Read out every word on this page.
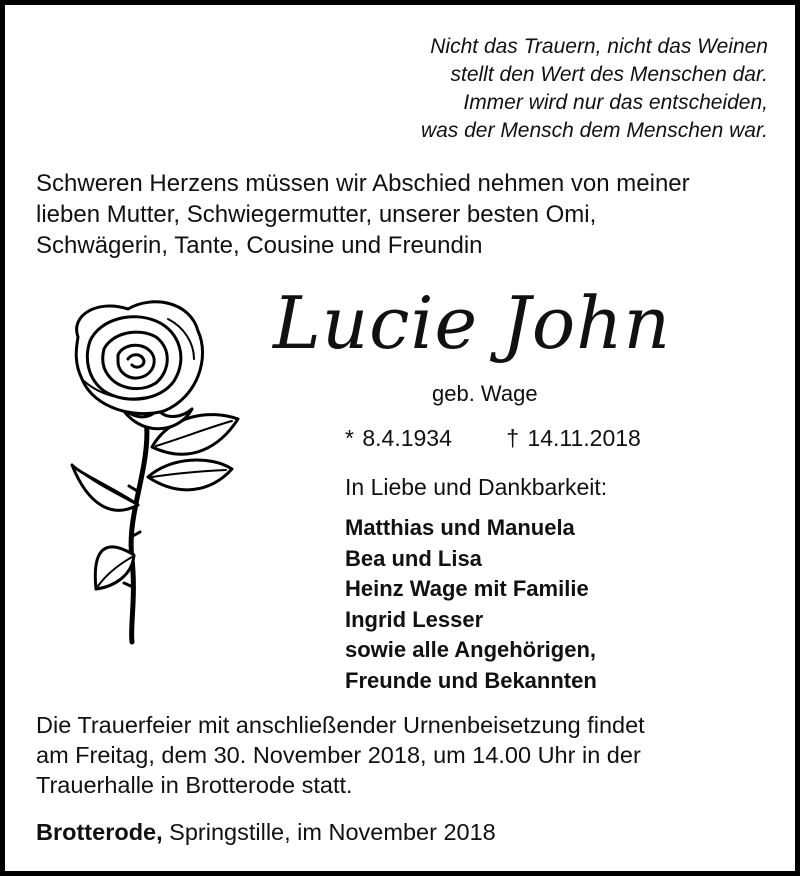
Nicht das Trauern, nicht das Weinen
stellt den Wert des Menschen dar.
Immer wird nur das entscheiden,
was der Mensch dem Menschen war.
Schweren Herzens müssen wir Abschied nehmen von meiner
lieben Mutter, Schwiegermutter, unserer besten Omi,
Schwägerin, Tante, Cousine und Freundin
Lucie John
geb. Wage
* 8.4.1934 † 14.11.2018
In Liebe und Dankbarkeit:
Matthias und Manuela
Bea und Lisa
Heinz Wage mit Familie
Ingrid Lesser
sowie alle Angehörigen,
Freunde und Bekannten
Die Trauerfeier mit anschließender Urnenbeisetzung findet
am Freitag, dem 30. November 2018, um 14.00 Uhr in der
Trauerhalle in Brotterode statt.
Brotterode, Springstille, im November 2018
